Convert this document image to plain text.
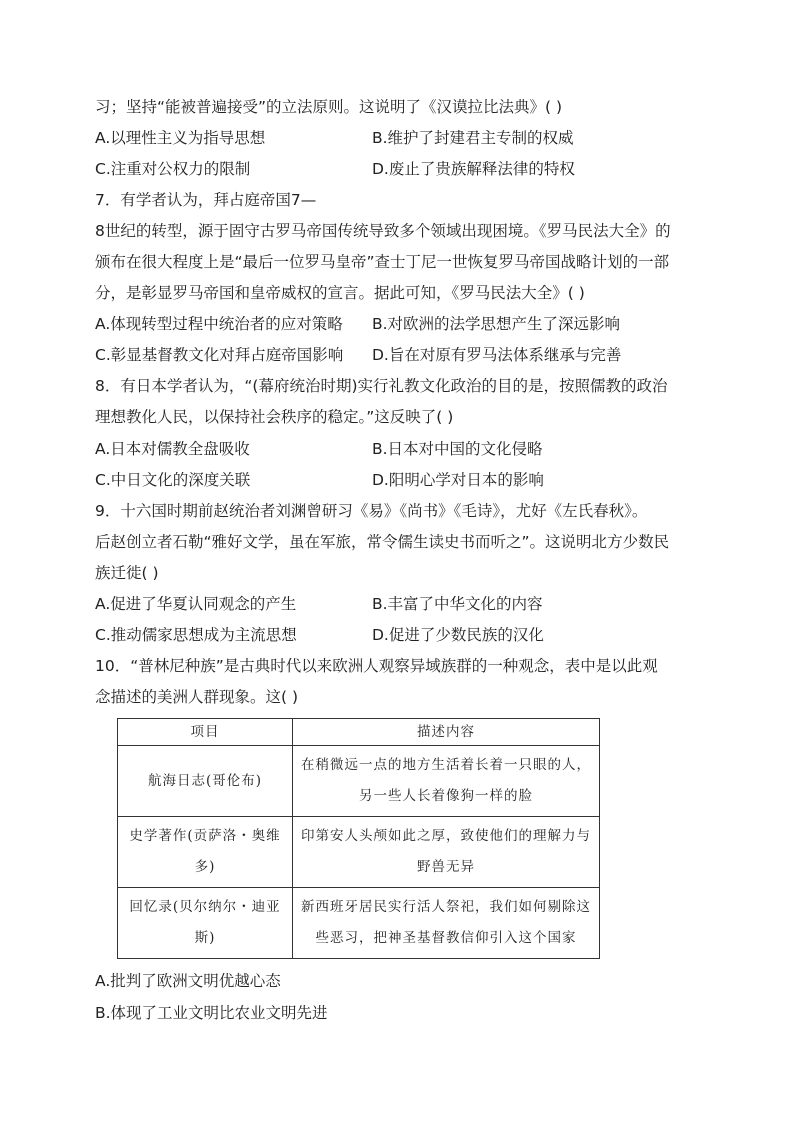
习；坚持“能被普遍接受”的立法原则。这说明了《汉谟拉比法典》( )
A.以理性主义为指导思想	B.维护了封建君主专制的权威
C.注重对公权力的限制	D.废止了贵族解释法律的特权
7．有学者认为，拜占庭帝国7—
8世纪的转型，源于固守古罗马帝国传统导致多个领域出现困境。《罗马民法大全》的
颁布在很大程度上是“最后一位罗马皇帝”查士丁尼一世恢复罗马帝国战略计划的一部
分，是彰显罗马帝国和皇帝威权的宣言。据此可知，《罗马民法大全》( )
A.体现转型过程中统治者的应对策略 B.对欧洲的法学思想产生了深远影响
C.彰显基督教文化对拜占庭帝国影响 D.旨在对原有罗马法体系继承与完善
8．有日本学者认为，“(幕府统治时期)实行礼教文化政治的目的是，按照儒教的政治
理想教化人民，以保持社会秩序的稳定。”这反映了( )
A.日本对儒教全盘吸收	B.日本对中国的文化侵略
C.中日文化的深度关联	D.阳明心学对日本的影响
9．十六国时期前赵统治者刘渊曾研习《易》《尚书》《毛诗》，尤好《左氏春秋》。
后赵创立者石勒“雅好文学，虽在军旅，常令儒生读史书而听之”。这说明北方少数民
族迁徙( )
A.促进了华夏认同观念的产生	B.丰富了中华文化的内容
C.推动儒家思想成为主流思想	D.促进了少数民族的汉化
10．“普林尼种族”是古典时代以来欧洲人观察异域族群的一种观念，表中是以此观
念描述的美洲人群现象。这( )
项目	描述内容
航海日志(哥伦布)	在稍微远一点的地方生活着长着一只眼的人，另一些人长着像狗一样的脸
史学著作(贡萨洛・奥维多)	印第安人头颅如此之厚，致使他们的理解力与野兽无异
回忆录(贝尔纳尔・迪亚斯)	新西班牙居民实行活人祭祀，我们如何剔除这些恶习，把神圣基督教信仰引入这个国家
A.批判了欧洲文明优越心态
B.体现了工业文明比农业文明先进
